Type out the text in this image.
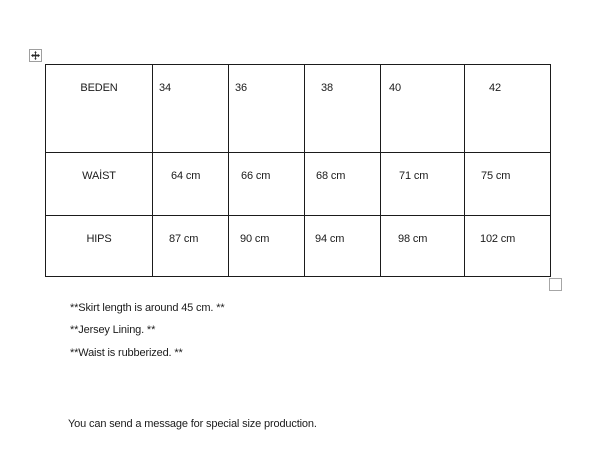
BEDEN	34	36	38	40	42
WAİST	64 cm	66 cm	68 cm	71 cm	75 cm
HIPS	87 cm	90 cm	94 cm	98 cm	102 cm
**Skirt length is around 45 cm. **
**Jersey Lining. **
**Waist is rubberized. **
You can send a message for special size production.
